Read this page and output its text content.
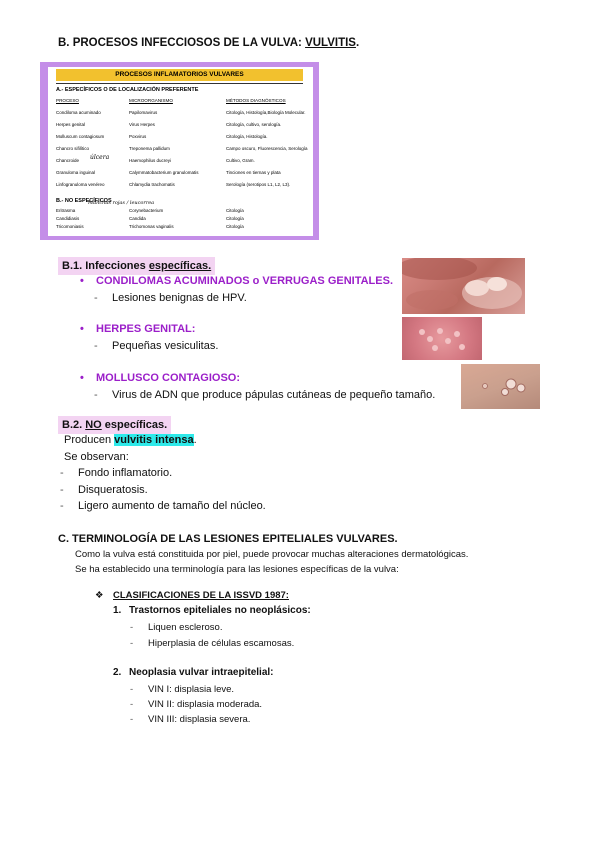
B. PROCESOS INFECCIOSOS DE LA VULVA: VULVITIS.
PROCESOS INFLAMATORIOS VULVARES
A.- ESPECÍFICOS O DE LOCALIZACIÓN PREFERENTE
PROCESO	MICROORGANISMO	MÉTODOS DIAGNÓSTICOS
Condiloma acuminado	Papilomavirus	Citología, Histología,Biología Molecular.
Herpes genital	Virus Herpes	Citología, cultivo, serología.
Molluscum contagiosum	Poxvirus	Citología, Histología.
Chancro sifilítico	Treponema pallidum	Campo oscuro, Fluorescencia, Serología
Chancroide	Haemophilus ducreyi	Cultivo, Gram.
Granuloma inguinal	Calymmatobacterium granulomatis	Tinciones en tiernas y plata
Linfogranuloma venéreo	Chlamydia trachomatis	Serología (serotipos L1, L2, L3).
úlcera
B.- NO ESPECÍFICOS
Eritrasma	Corynebacterium	Citología
Candidiasis	Candida	Citología
Tricomoniasis	Trichomonas vaginalis	Citología
Manchas rojas / leucorrea
B.1. Infecciones específicas.
• CONDILOMAS ACUMINADOS o VERRUGAS GENITALES.
- Lesiones benignas de HPV.
• HERPES GENITAL:
- Pequeñas vesiculitas.
• MOLLUSCO CONTAGIOSO:
- Virus de ADN que produce pápulas cutáneas de pequeño tamaño.
B.2. NO específicas.
Producen vulvitis intensa.
Se observan:
- Fondo inflamatorio.
- Disqueratosis.
- Ligero aumento de tamaño del núcleo.
C. TERMINOLOGÍA DE LAS LESIONES EPITELIALES VULVARES.
Como la vulva está constituida por piel, puede provocar muchas alteraciones dermatológicas.
Se ha establecido una terminología para las lesiones específicas de la vulva:
❖ CLASIFICACIONES DE LA ISSVD 1987:
1. Trastornos epiteliales no neoplásicos:
- Liquen escleroso.
- Hiperplasia de células escamosas.
2. Neoplasia vulvar intraepitelial:
- VIN I: displasia leve.
- VIN II: displasia moderada.
- VIN III: displasia severa.
